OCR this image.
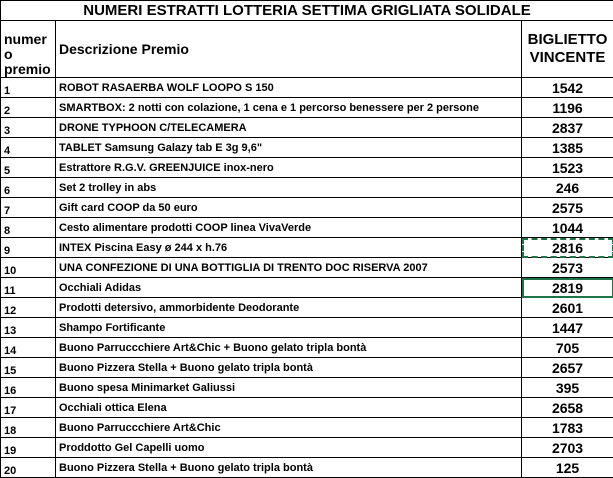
NUMERI ESTRATTI LOTTERIA SETTIMA GRIGLIATA SOLIDALE		
numer o premio	Descrizione Premio	BIGLIETTO VINCENTE
1	ROBOT RASAERBA WOLF LOOPO S 150	1542
2	SMARTBOX: 2 notti con colazione, 1 cena e 1 percorso benessere per 2 persone	1196
3	DRONE TYPHOON C/TELECAMERA	2837
4	TABLET Samsung Galazy tab E 3g 9,6"	1385
5	Estrattore R.G.V. GREENJUICE inox-nero	1523
6	Set 2 trolley in abs	246
7	Gift card COOP da 50 euro	2575
8	Cesto alimentare prodotti COOP linea VivaVerde	1044
9	INTEX Piscina Easy ø 244 x h.76	2816
10	UNA CONFEZIONE DI UNA BOTTIGLIA DI TRENTO DOC RISERVA 2007	2573
11	Occhiali Adidas	2819
12	Prodotti detersivo, ammorbidente Deodorante	2601
13	Shampo Fortificante	1447
14	Buono Parruccchiere Art&Chic + Buono gelato tripla bontà	705
15	Buono Pizzera Stella + Buono gelato tripla bontà	2657
16	Buono spesa Minimarket Galiussi	395
17	Occhiali ottica Elena	2658
18	Buono Parruccchiere Art&Chic	1783
19	Proddotto Gel Capelli uomo	2703
20	Buono Pizzera Stella + Buono gelato tripla bontà	125
